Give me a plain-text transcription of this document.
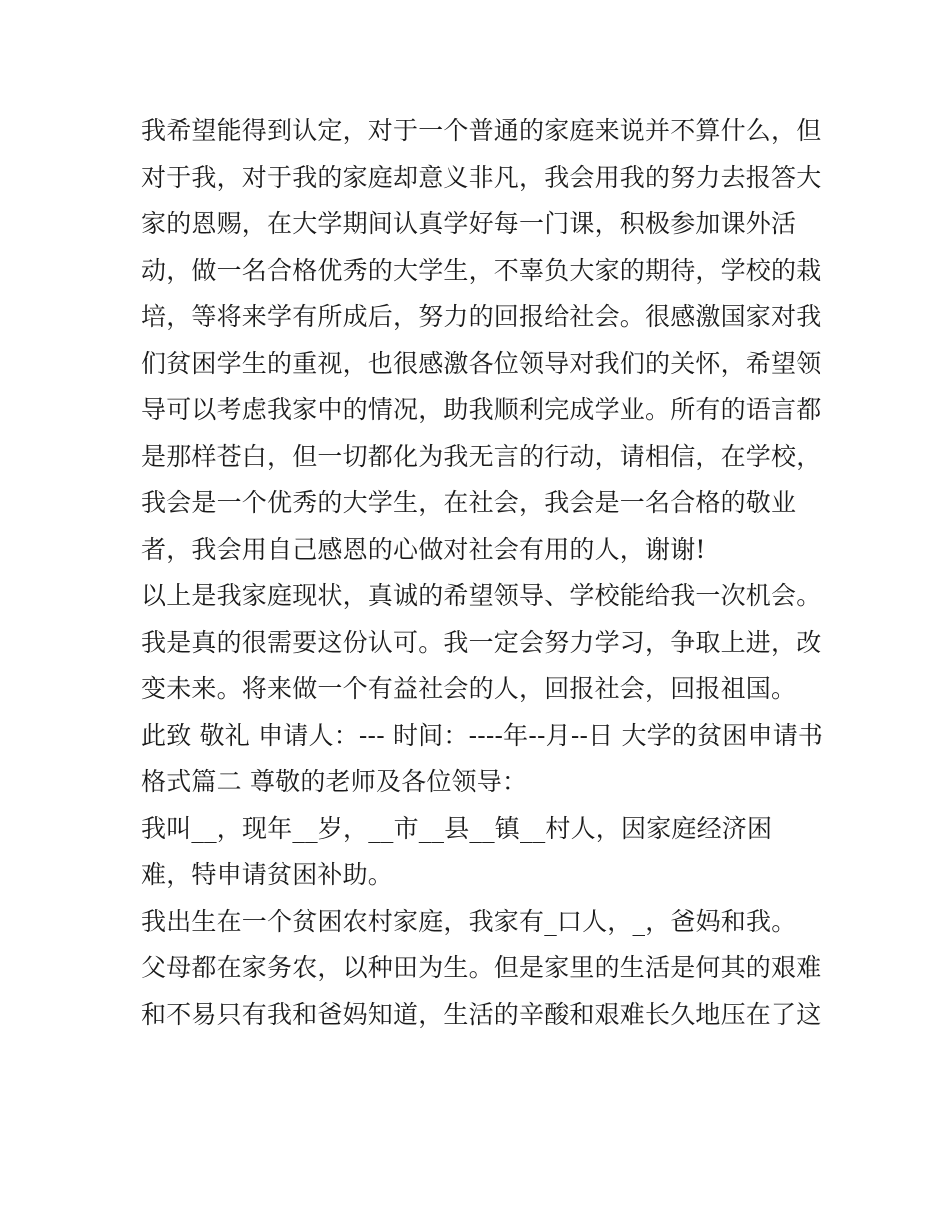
我希望能得到认定，对于一个普通的家庭来说并不算什么，但
对于我，对于我的家庭却意义非凡，我会用我的努力去报答大
家的恩赐，在大学期间认真学好每一门课，积极参加课外活
动，做一名合格优秀的大学生，不辜负大家的期待，学校的栽
培，等将来学有所成后，努力的回报给社会。很感激国家对我
们贫困学生的重视，也很感激各位领导对我们的关怀，希望领
导可以考虑我家中的情况，助我顺利完成学业。所有的语言都
是那样苍白，但一切都化为我无言的行动，请相信，在学校，
我会是一个优秀的大学生，在社会，我会是一名合格的敬业
者，我会用自己感恩的心做对社会有用的人，谢谢!
以上是我家庭现状，真诚的希望领导、学校能给我一次机会。
我是真的很需要这份认可。我一定会努力学习，争取上进，改
变未来。将来做一个有益社会的人，回报社会，回报祖国。
此致 敬礼 申请人：--- 时间：----年--月--日 大学的贫困申请书
格式篇二 尊敬的老师及各位领导：
我叫__，现年__岁，__市__县__镇__村人，因家庭经济困
难，特申请贫困补助。
我出生在一个贫困农村家庭，我家有_口人，_，爸妈和我。
父母都在家务农，以种田为生。但是家里的生活是何其的艰难
和不易只有我和爸妈知道，生活的辛酸和艰难长久地压在了这
